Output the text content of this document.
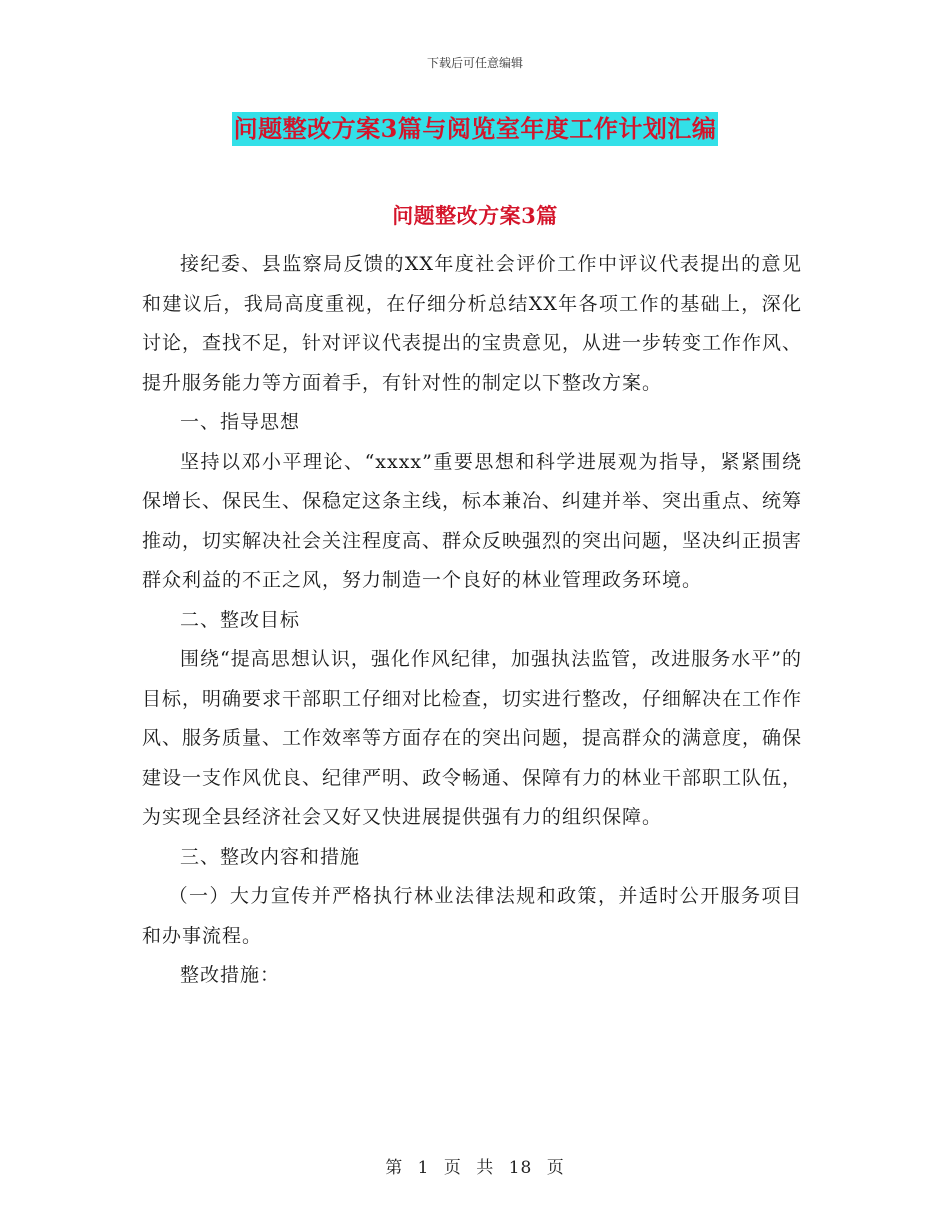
下载后可任意编辑
问题整改方案3篇与阅览室年度工作计划汇编
问题整改方案3篇

接纪委、县监察局反馈的XX年度社会评价工作中评议代表提出的意见和建议后，我局高度重视，在仔细分析总结XX年各项工作的基础上，深化讨论，查找不足，针对评议代表提出的宝贵意见，从进一步转变工作作风、提升服务能力等方面着手，有针对性的制定以下整改方案。

一、指导思想

坚持以邓小平理论、“xxxx”重要思想和科学进展观为指导，紧紧围绕保增长、保民生、保稳定这条主线，标本兼冶、纠建并举、突出重点、统筹推动，切实解决社会关注程度高、群众反映强烈的突出问题，坚决纠正损害群众利益的不正之风，努力制造一个良好的林业管理政务环境。

二、整改目标

围绕“提高思想认识，强化作风纪律，加强执法监管，改进服务水平”的目标，明确要求干部职工仔细对比检查，切实进行整改，仔细解决在工作作风、服务质量、工作效率等方面存在的突出问题，提高群众的满意度，确保建设一支作风优良、纪律严明、政令畅通、保障有力的林业干部职工队伍，为实现全县经济社会又好又快进展提供强有力的组织保障。

三、整改内容和措施

（一）大力宣传并严格执行林业法律法规和政策，并适时公开服务项目和办事流程。

整改措施：

第 1 页 共 18 页
